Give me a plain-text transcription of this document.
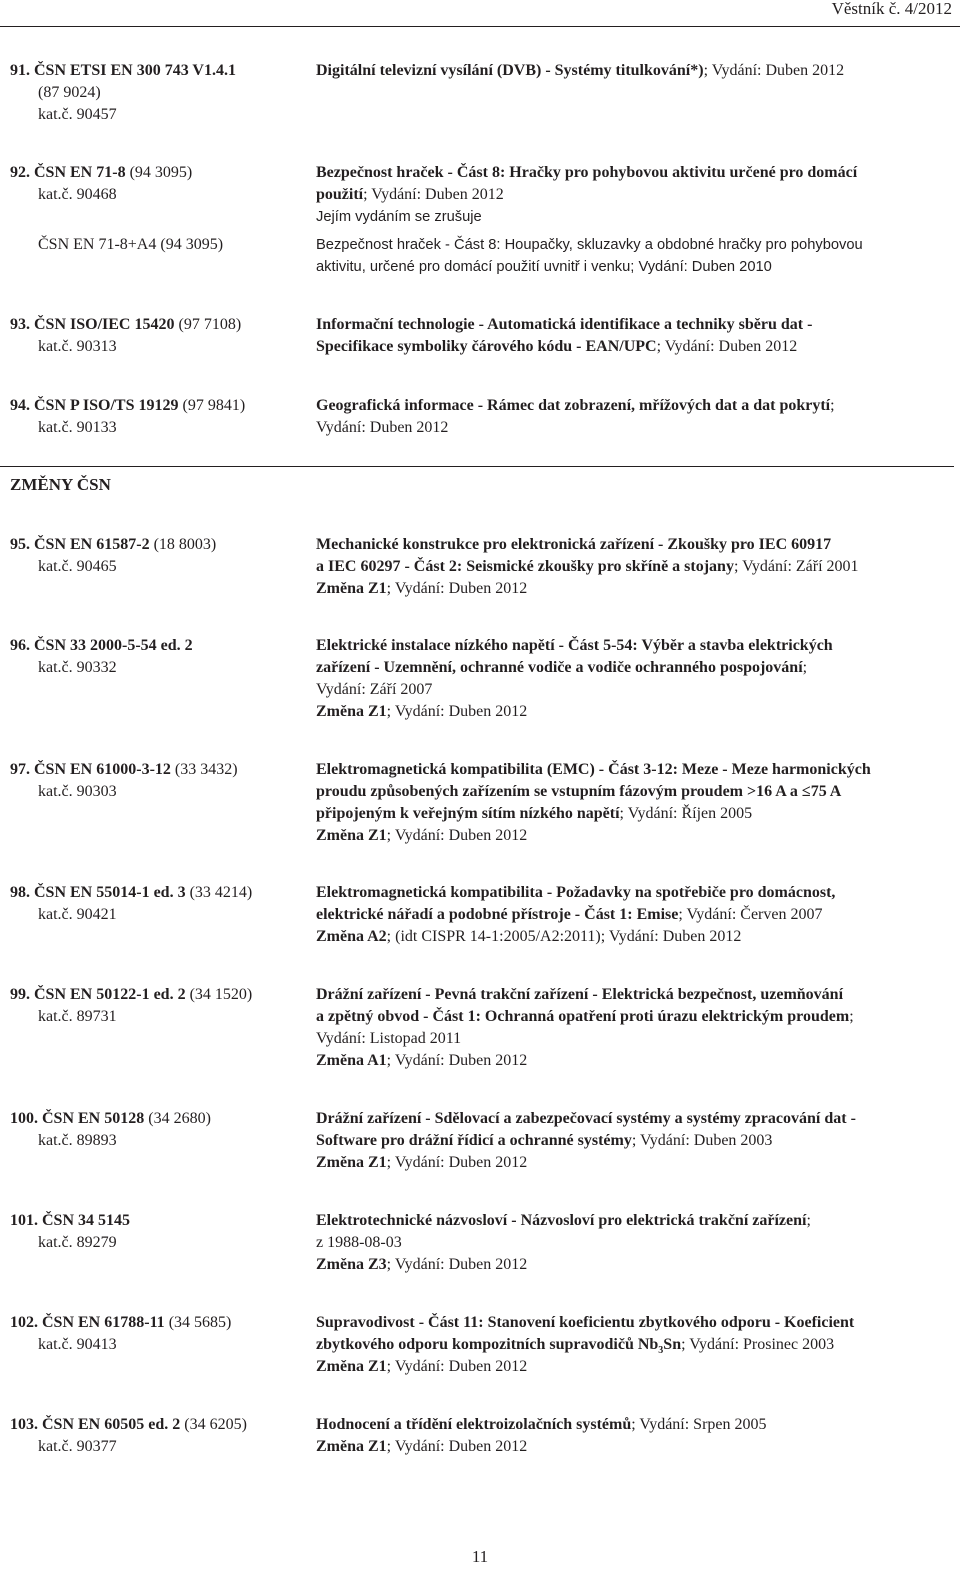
Věstník č. 4/2012
91. ČSN ETSI EN 300 743 V1.4.1
(87 9024)
kat.č. 90457
Digitální televizní vysílání (DVB) - Systémy titulkování*); Vydání: Duben 2012
92. ČSN EN 71-8 (94 3095)
kat.č. 90468

ČSN EN 71-8+A4 (94 3095)
Bezpečnost hraček - Část 8: Hračky pro pohybovou aktivitu určené pro domácí
použití; Vydání: Duben 2012
Jejím vydáním se zrušuje
Bezpečnost hraček - Část 8: Houpačky, skluzavky a obdobné hračky pro pohybovou
aktivitu, určené pro domácí použití uvnitř i venku; Vydání: Duben 2010
93. ČSN ISO/IEC 15420 (97 7108)
kat.č. 90313
Informační technologie - Automatická identifikace a techniky sběru dat -
Specifikace symboliky čárového kódu - EAN/UPC; Vydání: Duben 2012
94. ČSN P ISO/TS 19129 (97 9841)
kat.č. 90133
Geografická informace - Rámec dat zobrazení, mřížových dat a dat pokrytí;
Vydání: Duben 2012
ZMĚNY ČSN
95. ČSN EN 61587-2 (18 8003)
kat.č. 90465
Mechanické konstrukce pro elektronická zařízení - Zkoušky pro IEC 60917
a IEC 60297 - Část 2: Seismické zkoušky pro skříně a stojany; Vydání: Září 2001
Změna Z1; Vydání: Duben 2012
96. ČSN 33 2000-5-54 ed. 2
kat.č. 90332
Elektrické instalace nízkého napětí - Část 5-54: Výběr a stavba elektrických
zařízení - Uzemnění, ochranné vodiče a vodiče ochranného pospojování;
Vydání: Září 2007
Změna Z1; Vydání: Duben 2012
97. ČSN EN 61000-3-12 (33 3432)
kat.č. 90303
Elektromagnetická kompatibilita (EMC) - Část 3-12: Meze - Meze harmonických
proudu způsobených zařízením se vstupním fázovým proudem >16 A a ≤75 A
připojeným k veřejným sítím nízkého napětí; Vydání: Říjen 2005
Změna Z1; Vydání: Duben 2012
98. ČSN EN 55014-1 ed. 3 (33 4214)
kat.č. 90421
Elektromagnetická kompatibilita - Požadavky na spotřebiče pro domácnost,
elektrické nářadí a podobné přístroje - Část 1: Emise; Vydání: Červen 2007
Změna A2; (idt CISPR 14-1:2005/A2:2011); Vydání: Duben 2012
99. ČSN EN 50122-1 ed. 2 (34 1520)
kat.č. 89731
Drážní zařízení - Pevná trakční zařízení - Elektrická bezpečnost, uzemňování
a zpětný obvod - Část 1: Ochranná opatření proti úrazu elektrickým proudem;
Vydání: Listopad 2011
Změna A1; Vydání: Duben 2012
100. ČSN EN 50128 (34 2680)
kat.č. 89893
Drážní zařízení - Sdělovací a zabezpečovací systémy a systémy zpracování dat -
Software pro drážní řídicí a ochranné systémy; Vydání: Duben 2003
Změna Z1; Vydání: Duben 2012
101. ČSN 34 5145
kat.č. 89279
Elektrotechnické názvosloví - Názvosloví pro elektrická trakční zařízení;
z 1988-08-03
Změna Z3; Vydání: Duben 2012
102. ČSN EN 61788-11 (34 5685)
kat.č. 90413
Supravodivost - Část 11: Stanovení koeficientu zbytkového odporu - Koeficient
zbytkového odporu kompozitních supravodičů $Nb_3Sn$; Vydání: Prosinec 2003
Změna Z1; Vydání: Duben 2012
103. ČSN EN 60505 ed. 2 (34 6205)
kat.č. 90377
Hodnocení a třídění elektroizolačních systémů; Vydání: Srpen 2005
Změna Z1; Vydání: Duben 2012
11
